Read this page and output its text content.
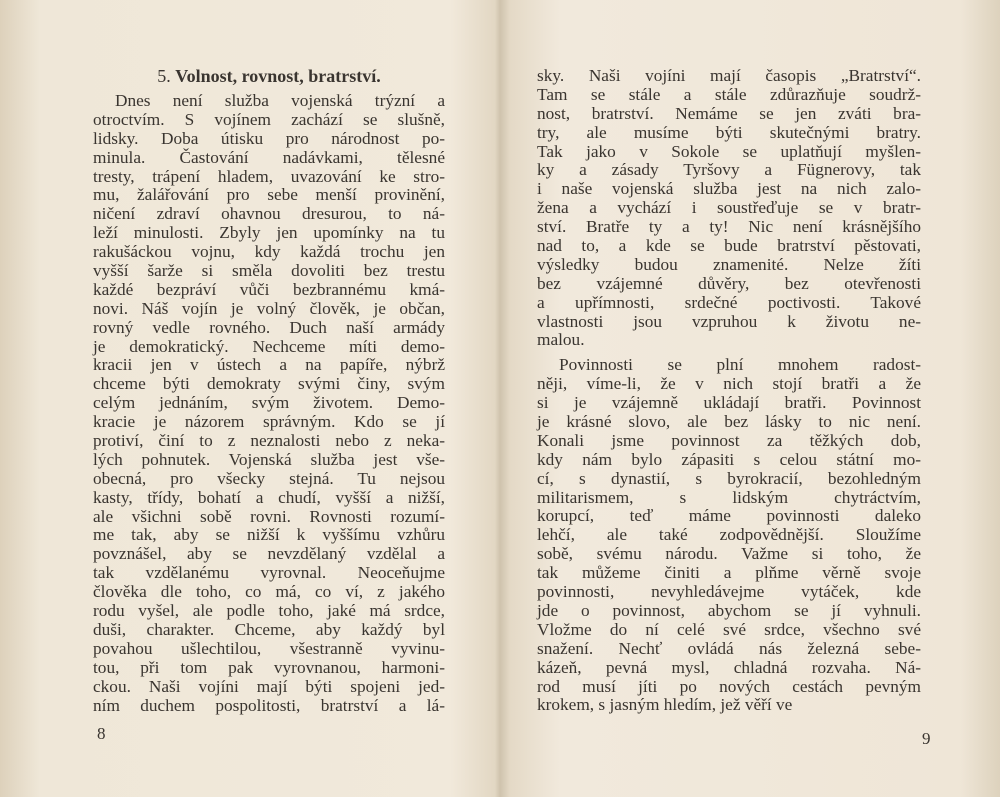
5. Volnost, rovnost, bratrství.
Dnes není služba vojenská trýzní a
otroctvím. S vojínem zachází se slušně,
lidsky. Doba útisku pro národnost po-
minula. Častování nadávkami, tělesné
tresty, trápení hladem, uvazování ke stro-
mu, žalářování pro sebe menší provinění,
ničení zdraví ohavnou dresurou, to ná-
leží minulosti. Zbyly jen upomínky na tu
rakušáckou vojnu, kdy každá trochu jen
vyšší šarže si směla dovoliti bez trestu
každé bezpráví vůči bezbrannému kmá-
novi. Náš vojín je volný člověk, je občan,
rovný vedle rovného. Duch naší armády
je demokratický. Nechceme míti demo-
kracii jen v ústech a na papíře, nýbrž
chceme býti demokraty svými činy, svým
celým jednáním, svým životem. Demo-
kracie je názorem správným. Kdo se jí
protiví, činí to z neznalosti nebo z neka-
lých pohnutek. Vojenská služba jest vše-
obecná, pro všecky stejná. Tu nejsou
kasty, třídy, bohatí a chudí, vyšší a nižší,
ale všichni sobě rovni. Rovnosti rozumí-
me tak, aby se nižší k vyššímu vzhůru
povznášel, aby se nevzdělaný vzdělal a
tak vzdělanému vyrovnal. Neoceňujme
člověka dle toho, co má, co ví, z jakého
rodu vyšel, ale podle toho, jaké má srdce,
duši, charakter. Chceme, aby každý byl
povahou ušlechtilou, všestranně vyvinu-
tou, při tom pak vyrovnanou, harmoni-
ckou. Naši vojíni mají býti spojeni jed-
ním duchem pospolitosti, bratrství a lá-
8
sky. Naši vojíni mají časopis „Bratrství“.
Tam se stále a stále zdůrazňuje soudrž-
nost, bratrství. Nemáme se jen zváti bra-
try, ale musíme býti skutečnými bratry.
Tak jako v Sokole se uplatňují myšlen-
ky a zásady Tyršovy a Fügnerovy, tak
i naše vojenská služba jest na nich zalo-
žena a vychází i soustřeďuje se v bratr-
ství. Bratře ty a ty! Nic není krásnějšího
nad to, a kde se bude bratrství pěstovati,
výsledky budou znamenité. Nelze žíti
bez vzájemné důvěry, bez otevřenosti
a upřímnosti, srdečné poctivosti. Takové
vlastnosti jsou vzpruhou k životu ne-
malou.
Povinnosti se plní mnohem radost-
něji, víme-li, že v nich stojí bratři a že
si je vzájemně ukládají bratři. Povinnost
je krásné slovo, ale bez lásky to nic není.
Konali jsme povinnost za těžkých dob,
kdy nám bylo zápasiti s celou státní mo-
cí, s dynastií, s byrokracií, bezohledným
militarismem, s lidským chytráctvím,
korupcí, teď máme povinnosti daleko
lehčí, ale také zodpovědnější. Sloužíme
sobě, svému národu. Važme si toho, že
tak můžeme činiti a plňme věrně svoje
povinnosti, nevyhledávejme vytáček, kde
jde o povinnost, abychom se jí vyhnuli.
Vložme do ní celé své srdce, všechno své
snažení. Nechť ovládá nás železná sebe-
kázeň, pevná mysl, chladná rozvaha. Ná-
rod musí jíti po nových cestách pevným
krokem, s jasným hledím, jež věří ve
9
